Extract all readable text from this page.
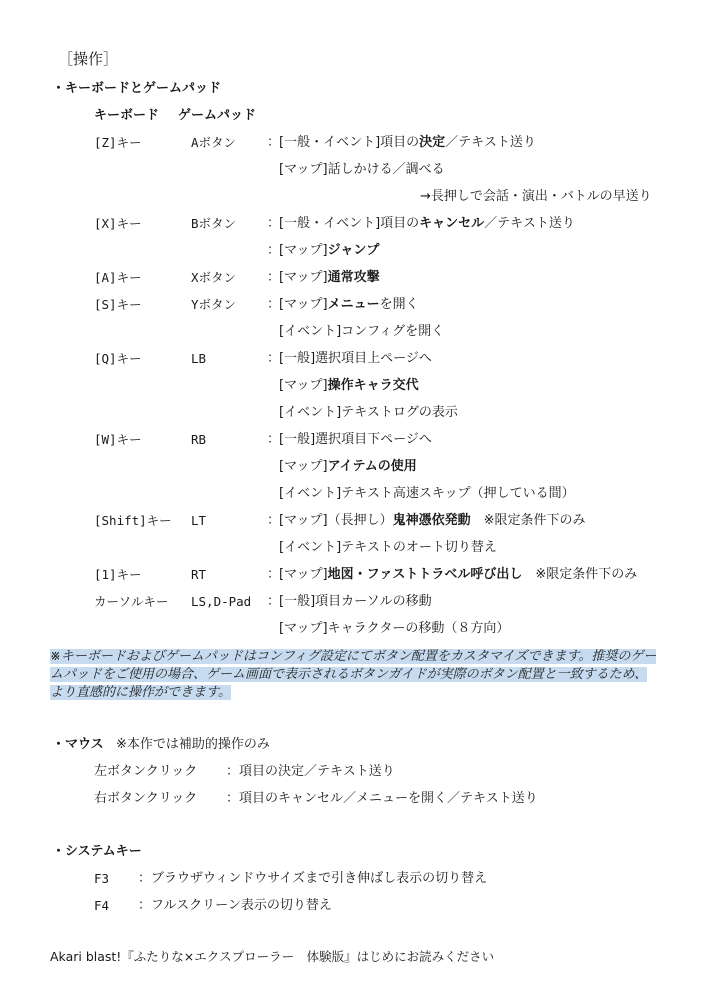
［操作］
・キーボードとゲームパッド
キーボード ゲームパッド
[Z]キー	Aボタン ：
[一般・イベント]項目の決定／テキスト送り
[マップ]話しかける／調べる
→長押しで会話・演出・バトルの早送り
[X]キー	Bボタン ：
[一般・イベント]項目のキャンセル／テキスト送り
：
[マップ]ジャンプ
[A]キー	Xボタン ：
[マップ]通常攻撃
[S]キー	Yボタン ：
[マップ]メニューを開く
[イベント]コンフィグを開く
[Q]キー	LB	：
[一般]選択項目上ページへ
[マップ]操作キャラ交代
[イベント]テキストログの表示
[W]キー	RB	：
[一般]選択項目下ページへ
[マップ]アイテムの使用
[イベント]テキスト高速スキップ（押している間）
[Shift]キー LT	：
[マップ]（長押し）鬼神憑依発動　※限定条件下のみ
[イベント]テキストのオート切り替え
[1]キー	RT	：
[マップ]地図・ファストトラベル呼び出し　※限定条件下のみ
カーソルキー LS,D-Pad ：
[一般]項目カーソルの移動
[マップ]キャラクターの移動（８方向）
※キーボードおよびゲームパッドはコンフィグ設定にてボタン配置をカスタマイズできます。推奨のゲームパッドをご使用の場合、ゲーム画面で表示されるボタンガイドが実際のボタン配置と一致するため、より直感的に操作ができます。
・マウス ※本作では補助的操作のみ
左ボタンクリック ：項目の決定／テキスト送り
右ボタンクリック ：項目のキャンセル／メニューを開く／テキスト送り
・システムキー
F3 ：ブラウザウィンドウサイズまで引き伸ばし表示の切り替え
F4 ：フルスクリーン表示の切り替え
Akari blast!『ふたりな×エクスプローラー　体験版』はじめにお読みください
